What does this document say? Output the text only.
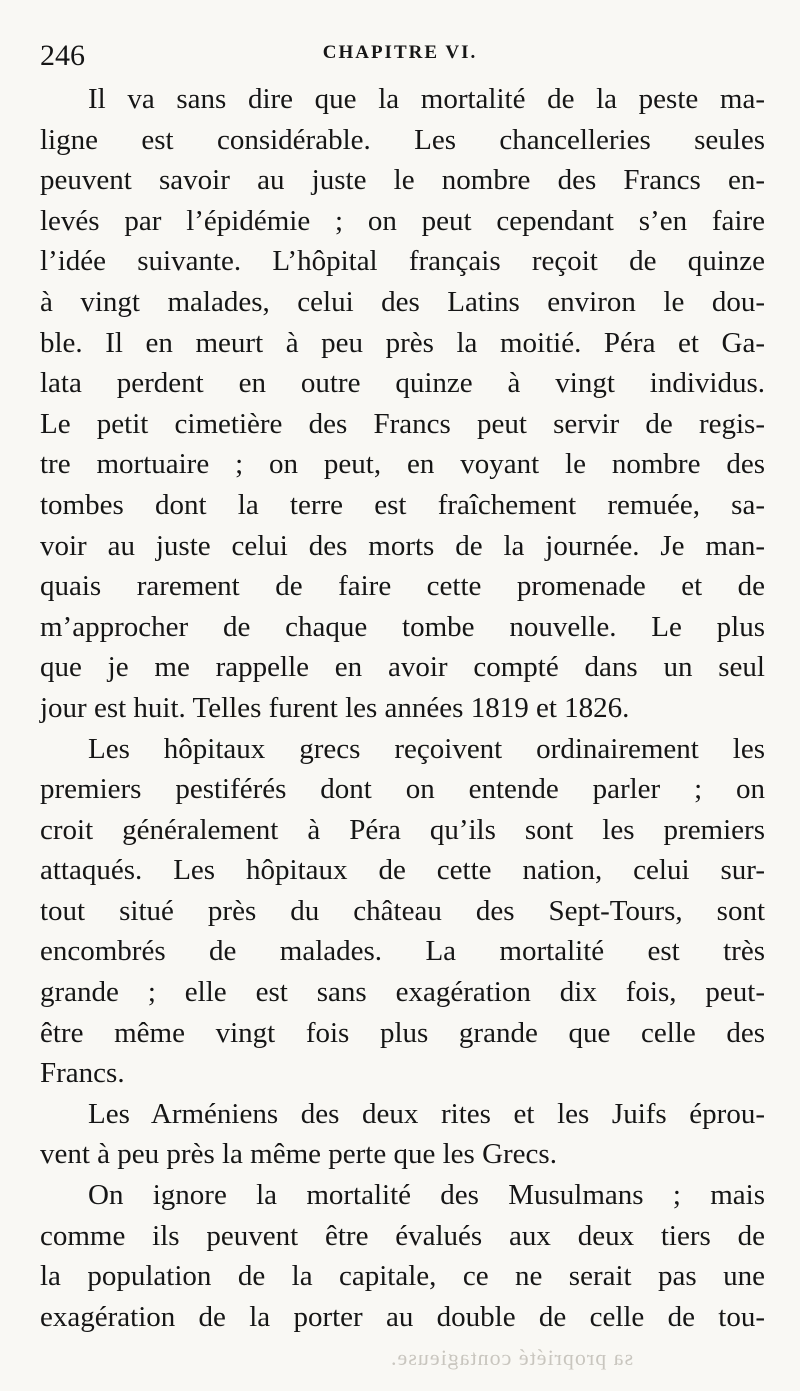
246	CHAPITRE VI.
Il va sans dire que la mortalité de la peste ma-
ligne est considérable. Les chancelleries seules
peuvent savoir au juste le nombre des Francs en-
levés par l’épidémie ; on peut cependant s’en faire
l’idée suivante. L’hôpital français reçoit de quinze
à vingt malades, celui des Latins environ le dou-
ble. Il en meurt à peu près la moitié. Péra et Ga-
lata perdent en outre quinze à vingt individus.
Le petit cimetière des Francs peut servir de regis-
tre mortuaire ; on peut, en voyant le nombre des
tombes dont la terre est fraîchement remuée, sa-
voir au juste celui des morts de la journée. Je man-
quais rarement de faire cette promenade et de
m’approcher de chaque tombe nouvelle. Le plus
que je me rappelle en avoir compté dans un seul
jour est huit. Telles furent les années 1819 et 1826.
Les hôpitaux grecs reçoivent ordinairement les
premiers pestiférés dont on entende parler ; on
croit généralement à Péra qu’ils sont les premiers
attaqués. Les hôpitaux de cette nation, celui sur-
tout situé près du château des Sept-Tours, sont
encombrés de malades. La mortalité est très
grande ; elle est sans exagération dix fois, peut-
être même vingt fois plus grande que celle des
Francs.
Les Arméniens des deux rites et les Juifs éprou-
vent à peu près la même perte que les Grecs.
On ignore la mortalité des Musulmans ; mais
comme ils peuvent être évalués aux deux tiers de
la population de la capitale, ce ne serait pas une
exagération de la porter au double de celle de tou-
sa propriété contagieuse.
